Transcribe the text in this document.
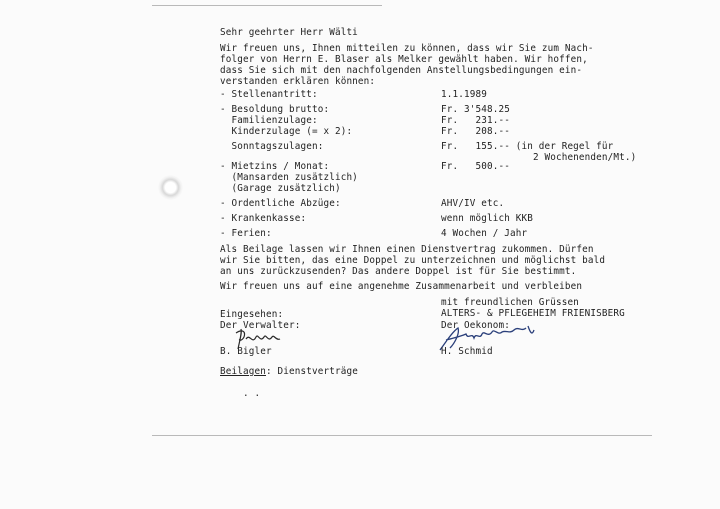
Sehr geehrter Herr Wälti
Wir freuen uns, Ihnen mitteilen zu können, dass wir Sie zum Nach-
folger von Herrn E. Blaser als Melker gewählt haben. Wir hoffen,
dass Sie sich mit den nachfolgenden Anstellungsbedingungen ein-
verstanden erklären können:
- Stellenantritt:	1.1.1989
- Besoldung brutto:	Fr. 3'548.25
Familienzulage:	Fr.   231.--
Kinderzulage (= x 2):	Fr.   208.--
Sonntagszulagen:	Fr.   155.-- (in der Regel für
2 Wochenenden/Mt.)
- Mietzins / Monat:	Fr.   500.--
(Mansarden zusätzlich)
(Garage zusätzlich)
- Ordentliche Abzüge:	AHV/IV etc.
- Krankenkasse:	wenn möglich KKB
- Ferien:	4 Wochen / Jahr
Als Beilage lassen wir Ihnen einen Dienstvertrag zukommen. Dürfen
wir Sie bitten, das eine Doppel zu unterzeichnen und möglichst bald
an uns zurückzusenden? Das andere Doppel ist für Sie bestimmt.
Wir freuen uns auf eine angenehme Zusammenarbeit und verbleiben
mit freundlichen Grüssen
ALTERS- & PFLEGEHEIM FRIENISBERG
Eingesehen:
Der Verwalter:	Der Oekonom:
B. Bigler	H. Schmid
Beilagen: Dienstverträge
. .
